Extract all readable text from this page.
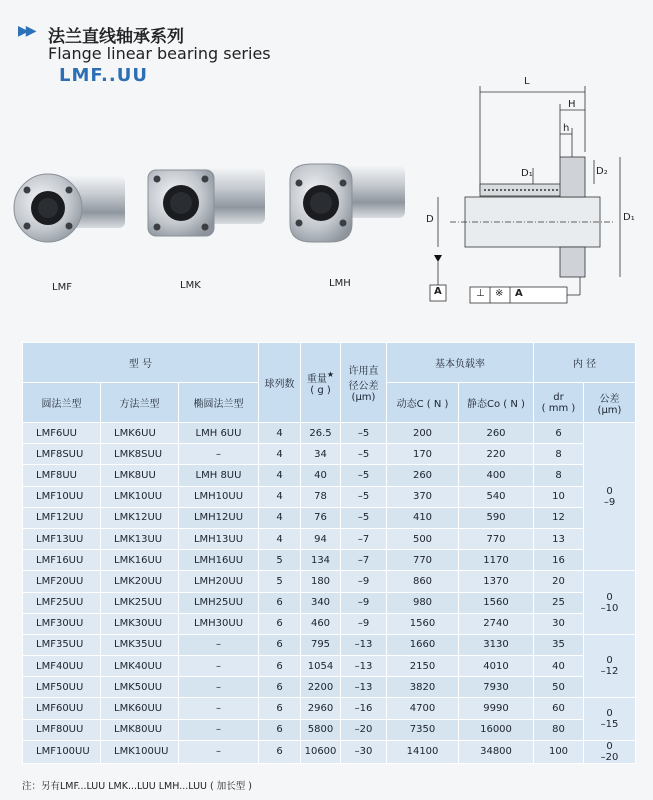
▶▶ 法兰直线轴承系列
Flange linear bearing series
LMF..UU
LMF	LMK	LMH
L
H
h
D₁	D₂
D	D₁
A	⊥ ※ A
型 号			球列数	重量★
( g )	许用直
径公差
(μm)	基本负载率		内 径	
圆法兰型	方法兰型	椭圆法兰型				动态C ( N )	静态Co ( N )	dr
( mm )	公差
(μm)
LMF6UU	LMK6UU	LMH 6UU	4	26.5	–5	200	260	6	0
–9

LMF8SUU	LMK8SUU	–	4	34	–5	170	220	8	
LMF8UU	LMK8UU	LMH 8UU	4	40	–5	260	400	8	
LMF10UU	LMK10UU	LMH10UU	4	78	–5	370	540	10	
LMF12UU	LMK12UU	LMH12UU	4	76	–5	410	590	12	
LMF13UU	LMK13UU	LMH13UU	4	94	–7	500	770	13	
LMF16UU	LMK16UU	LMH16UU	5	134	–7	770	1170	16	
LMF20UU	LMK20UU	LMH20UU	5	180	–9	860	1370	20	0
–10

LMF25UU	LMK25UU	LMH25UU	6	340	–9	980	1560	25	
LMF30UU	LMK30UU	LMH30UU	6	460	–9	1560	2740	30	
LMF35UU	LMK35UU	–	6	795	–13	1660	3130	35	0
–12

LMF40UU	LMK40UU	–	6	1054	–13	2150	4010	40	
LMF50UU	LMK50UU	–	6	2200	–13	3820	7930	50	
LMF60UU	LMK60UU	–	6	2960	–16	4700	9990	60	0
–15

LMF80UU	LMK80UU	–	6	5800	–20	7350	16000	80	
LMF100UU	LMK100UU	–	6	10600	–30	14100	34800	100	0
–20
注：另有LMF...LUU LMK...LUU LMH...LUU ( 加长型 )
